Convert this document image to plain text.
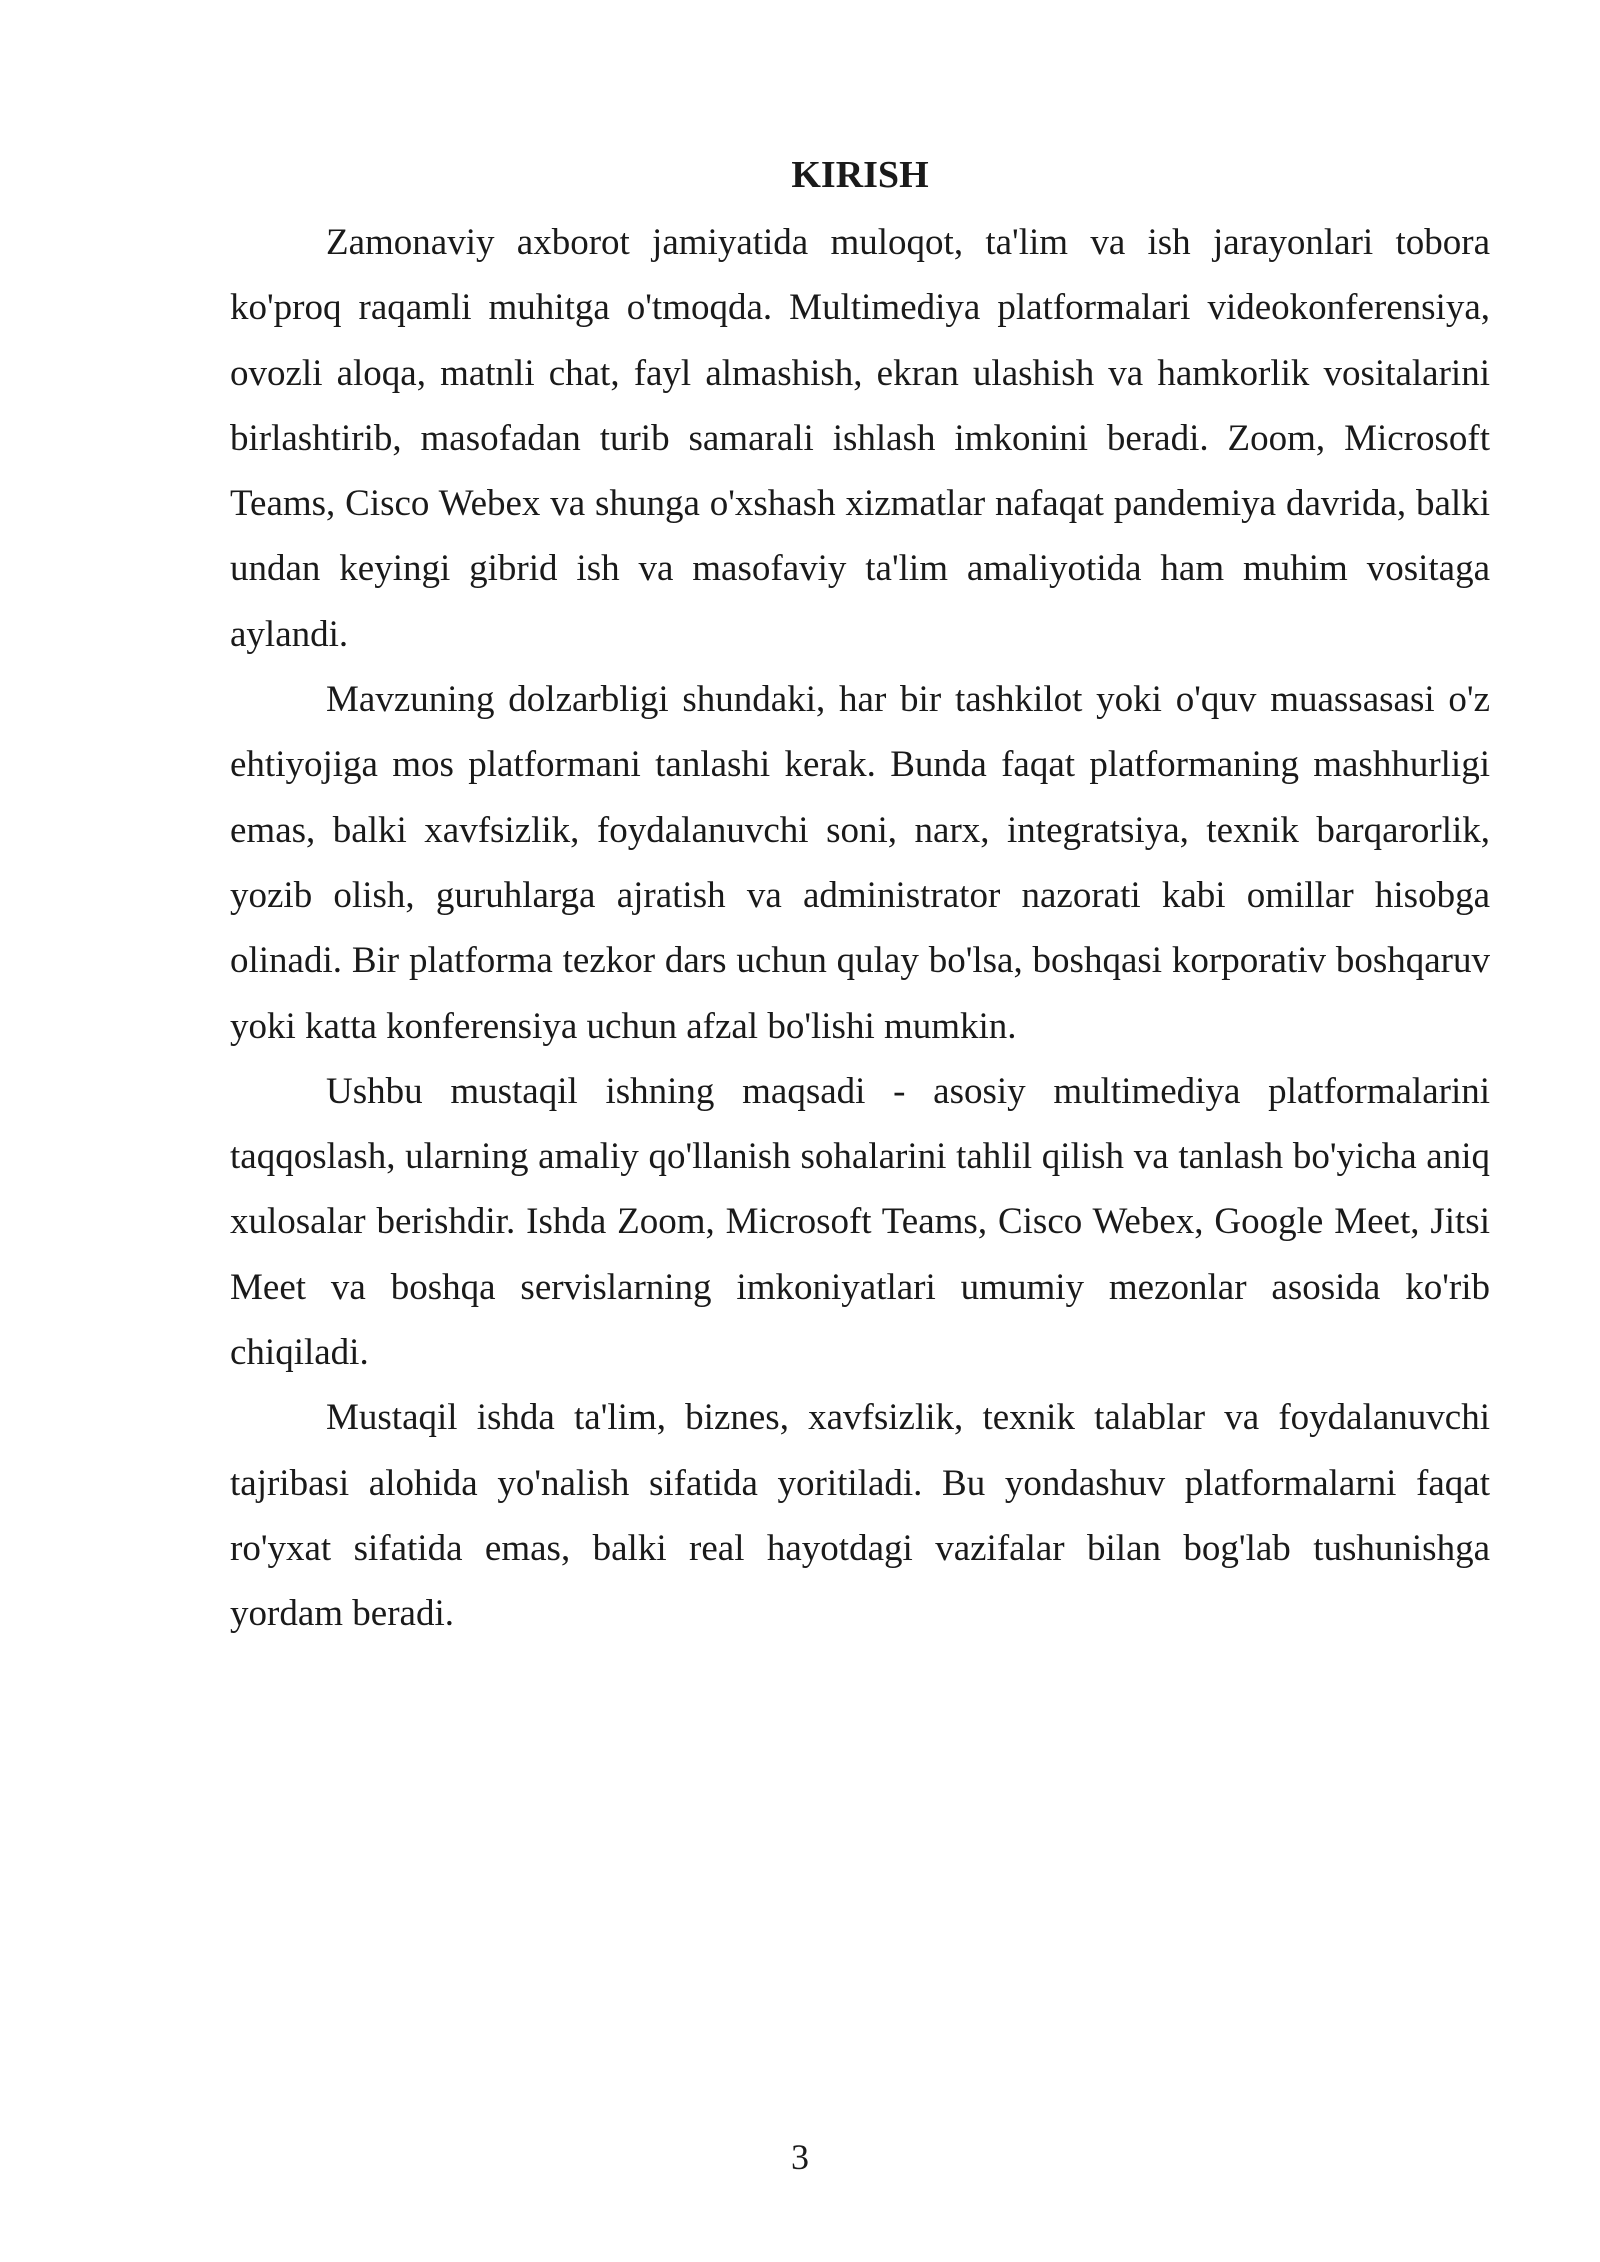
KIRISH

Zamonaviy axborot jamiyatida muloqot, ta'lim va ish jarayonlari tobora ko'proq raqamli muhitga o'tmoqda. Multimediya platformalari videokonferensiya, ovozli aloqa, matnli chat, fayl almashish, ekran ulashish va hamkorlik vositalarini birlashtirib, masofadan turib samarali ishlash imkonini beradi. Zoom, Microsoft Teams, Cisco Webex va shunga o'xshash xizmatlar nafaqat pandemiya davrida, balki undan keyingi gibrid ish va masofaviy ta'lim amaliyotida ham muhim vositaga aylandi.

Mavzuning dolzarbligi shundaki, har bir tashkilot yoki o'quv muassasasi o'z ehtiyojiga mos platformani tanlashi kerak. Bunda faqat platformaning mashhurligi emas, balki xavfsizlik, foydalanuvchi soni, narx, integratsiya, texnik barqarorlik, yozib olish, guruhlarga ajratish va administrator nazorati kabi omillar hisobga olinadi. Bir platforma tezkor dars uchun qulay bo'lsa, boshqasi korporativ boshqaruv yoki katta konferensiya uchun afzal bo'lishi mumkin.

Ushbu mustaqil ishning maqsadi - asosiy multimediya platformalarini taqqoslash, ularning amaliy qo'llanish sohalarini tahlil qilish va tanlash bo'yicha aniq xulosalar berishdir. Ishda Zoom, Microsoft Teams, Cisco Webex, Google Meet, Jitsi Meet va boshqa servislarning imkoniyatlari umumiy mezonlar asosida ko'rib chiqiladi.

Mustaqil ishda ta'lim, biznes, xavfsizlik, texnik talablar va foydalanuvchi tajribasi alohida yo'nalish sifatida yoritiladi. Bu yondashuv platformalarni faqat ro'yxat sifatida emas, balki real hayotdagi vazifalar bilan bog'lab tushunishga yordam beradi.

3
